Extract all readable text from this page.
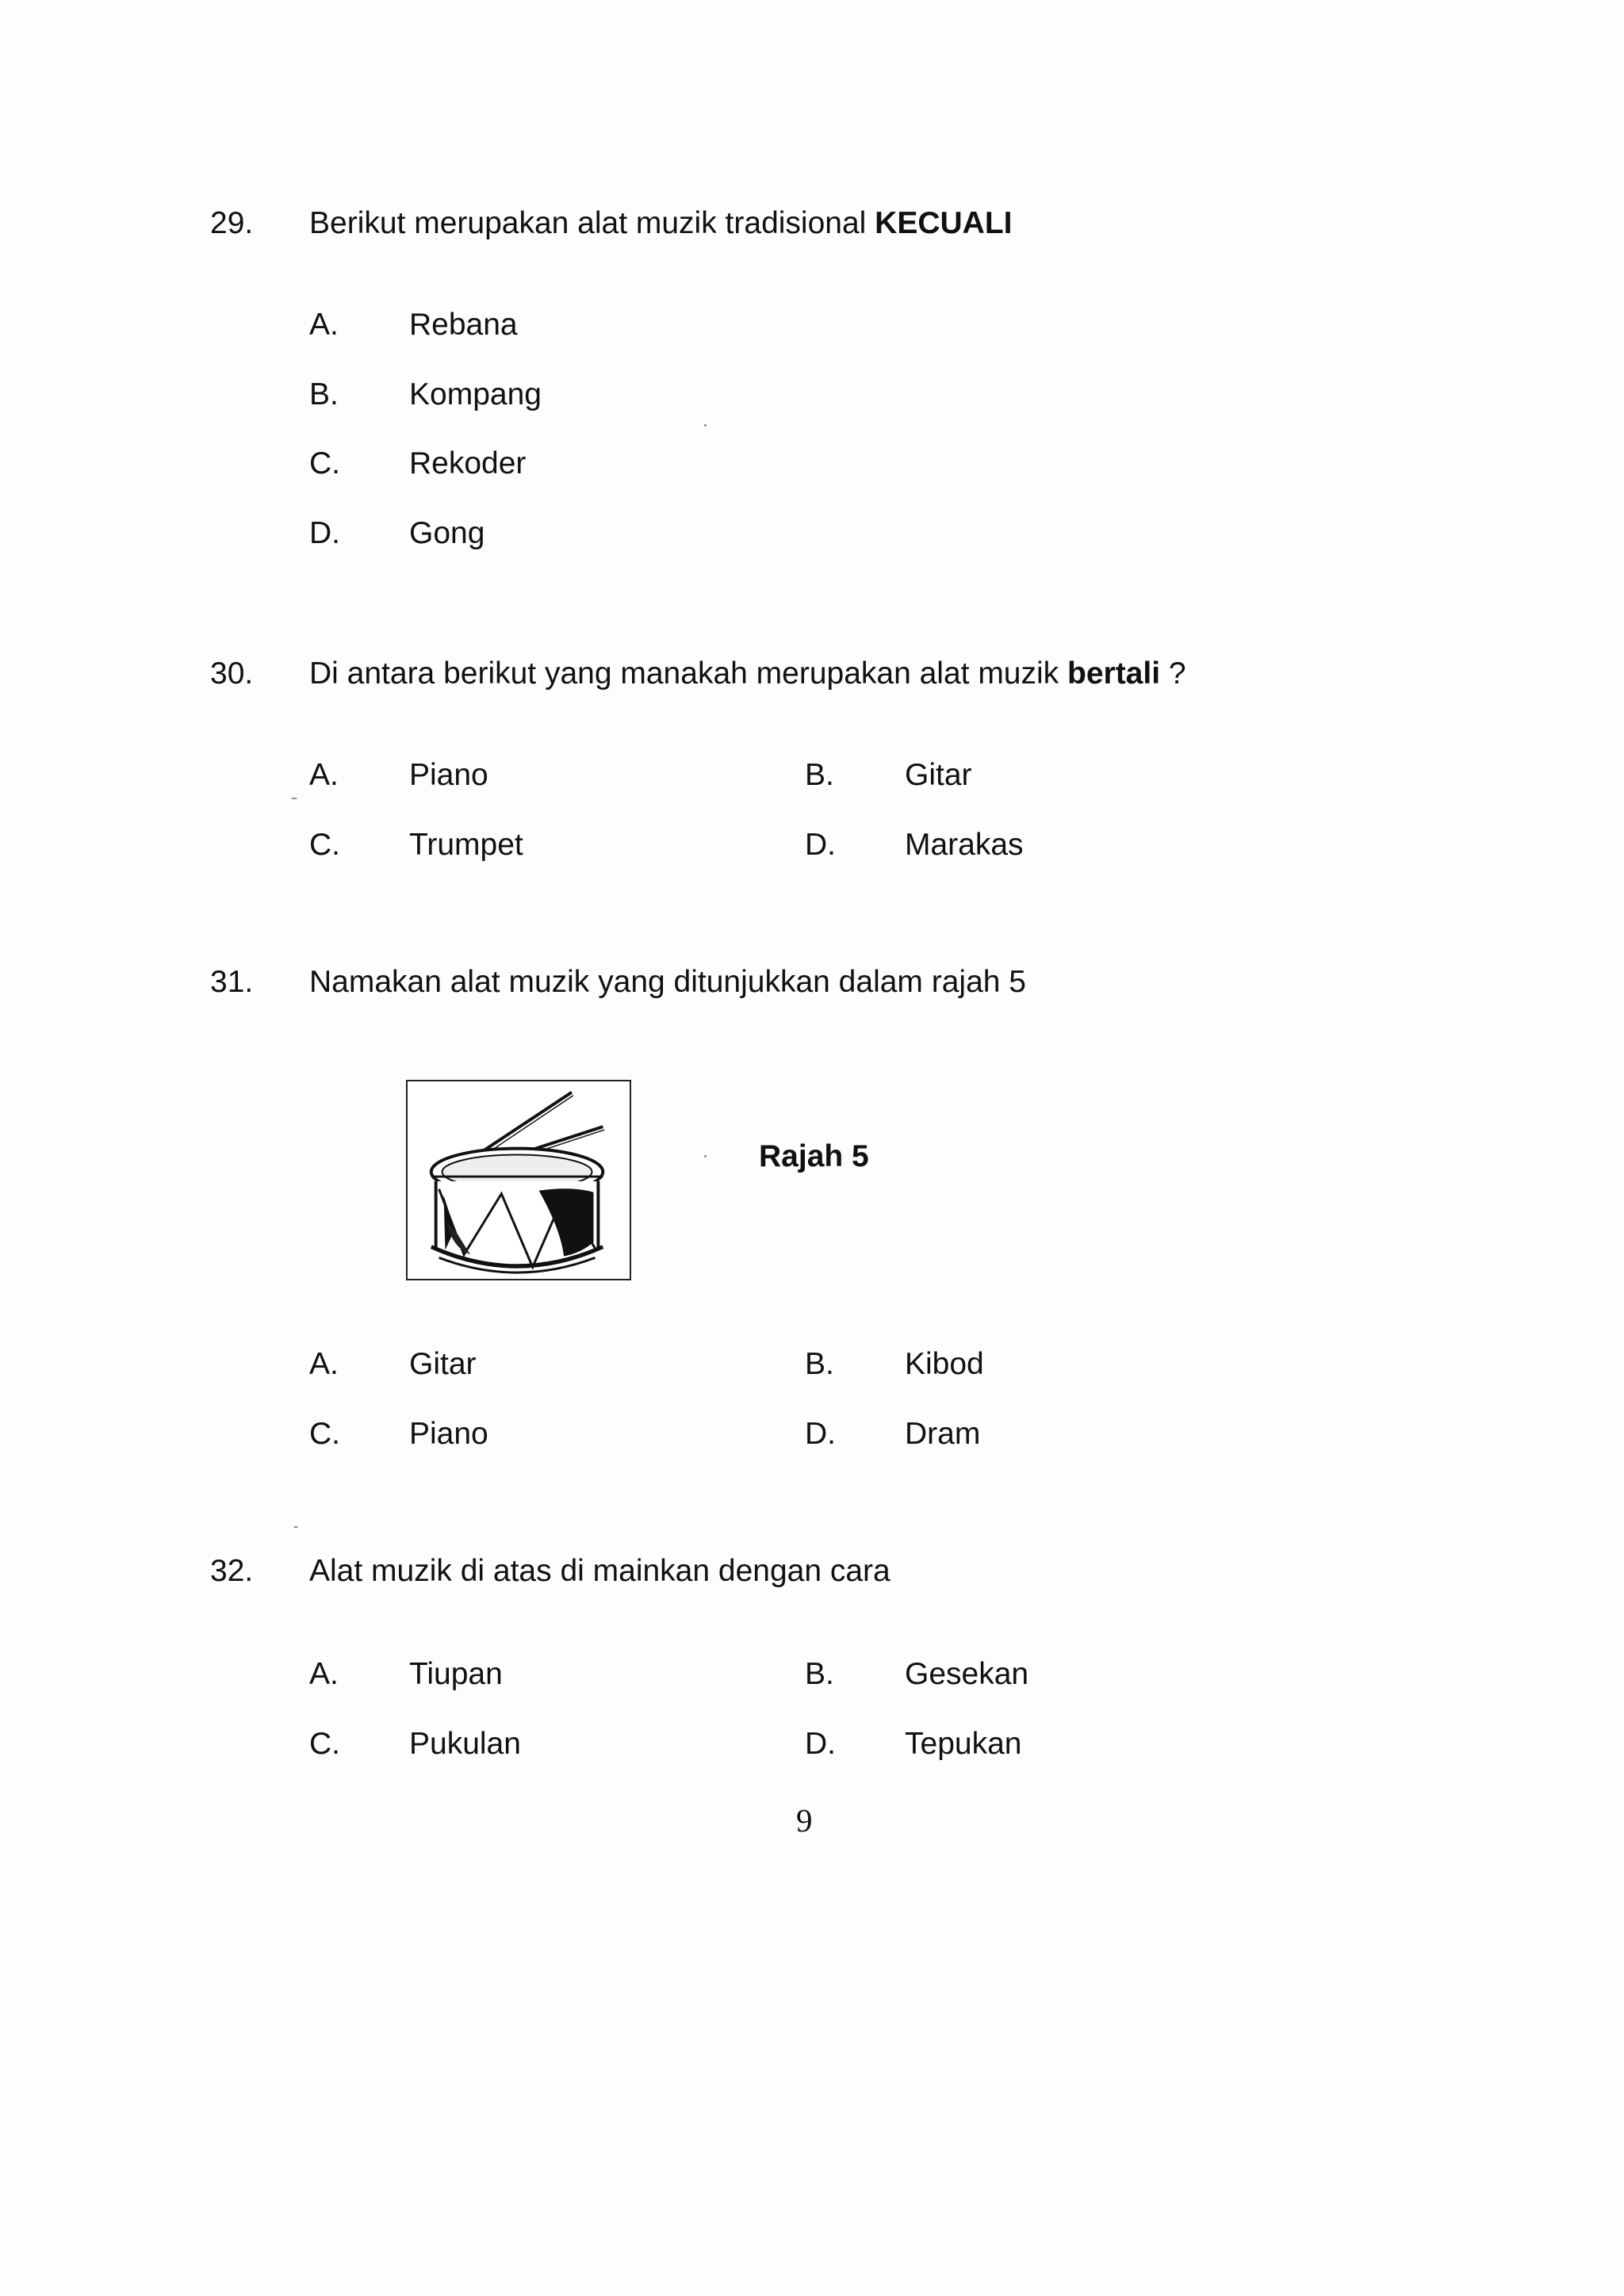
29. Berikut merupakan alat muzik tradisional KECUALI
A. Rebana
B. Kompang
C. Rekoder
D. Gong
30. Di antara berikut yang manakah merupakan alat muzik bertali ?
A. Piano	B. Gitar
C. Trumpet	D. Marakas
31. Namakan alat muzik yang ditunjukkan dalam rajah 5
Rajah 5
A. Gitar	B. Kibod
C. Piano	D. Dram
32. Alat muzik di atas di mainkan dengan cara
A. Tiupan	B. Gesekan
C. Pukulan	D. Tepukan
9
